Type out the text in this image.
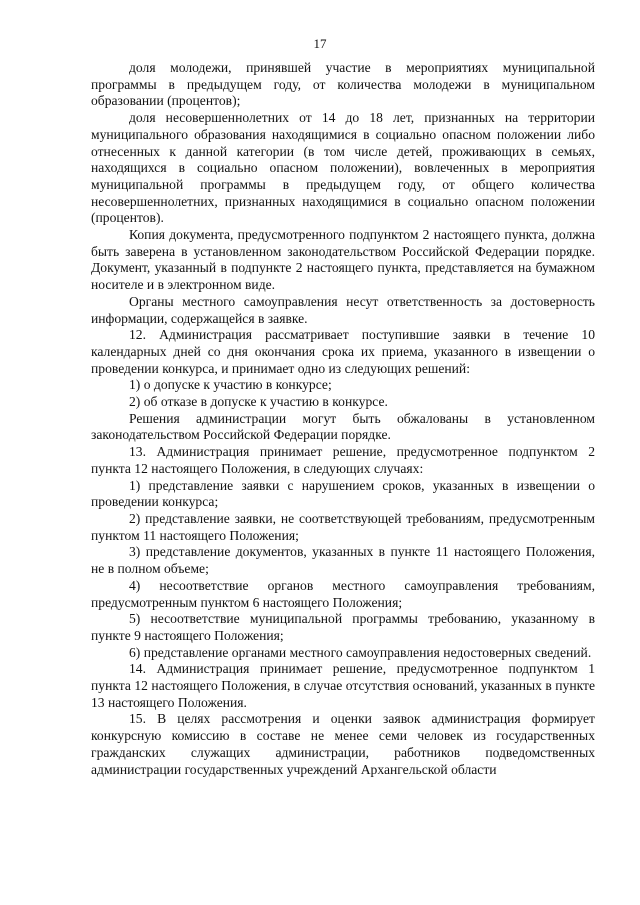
17

доля молодежи, принявшей участие в мероприятиях муниципальной программы в предыдущем году, от количества молодежи в муниципальном образовании (процентов);

доля несовершеннолетних от 14 до 18 лет, признанных на территории муниципального образования находящимися в социально опасном положении либо отнесенных к данной категории (в том числе детей, проживающих в семьях, находящихся в социально опасном положении), вовлеченных в мероприятия муниципальной программы в предыдущем году, от общего количества несовершеннолетних, признанных находящимися в социально опасном положении (процентов).

Копия документа, предусмотренного подпунктом 2 настоящего пункта, должна быть заверена в установленном законодательством Российской Федерации порядке. Документ, указанный в подпункте 2 настоящего пункта, представляется на бумажном носителе и в электронном виде.

Органы местного самоуправления несут ответственность за достоверность информации, содержащейся в заявке.

12. Администрация рассматривает поступившие заявки в течение 10 календарных дней со дня окончания срока их приема, указанного в извещении о проведении конкурса, и принимает одно из следующих решений:

1) о допуске к участию в конкурсе;

2) об отказе в допуске к участию в конкурсе.

Решения администрации могут быть обжалованы в установленном законодательством Российской Федерации порядке.

13. Администрация принимает решение, предусмотренное подпунктом 2 пункта 12 настоящего Положения, в следующих случаях:

1) представление заявки с нарушением сроков, указанных в извещении о проведении конкурса;

2) представление заявки, не соответствующей требованиям, предусмотренным пунктом 11 настоящего Положения;

3) представление документов, указанных в пункте 11 настоящего Положения, не в полном объеме;

4) несоответствие органов местного самоуправления требованиям, предусмотренным пунктом 6 настоящего Положения;

5) несоответствие муниципальной программы требованию, указанному в пункте 9 настоящего Положения;

6) представление органами местного самоуправления недостоверных сведений.

14. Администрация принимает решение, предусмотренное подпунктом 1 пункта 12 настоящего Положения, в случае отсутствия оснований, указанных в пункте 13 настоящего Положения.

15. В целях рассмотрения и оценки заявок администрация формирует конкурсную комиссию в составе не менее семи человек из государственных гражданских служащих администрации, работников подведомственных администрации государственных учреждений Архангельской области
